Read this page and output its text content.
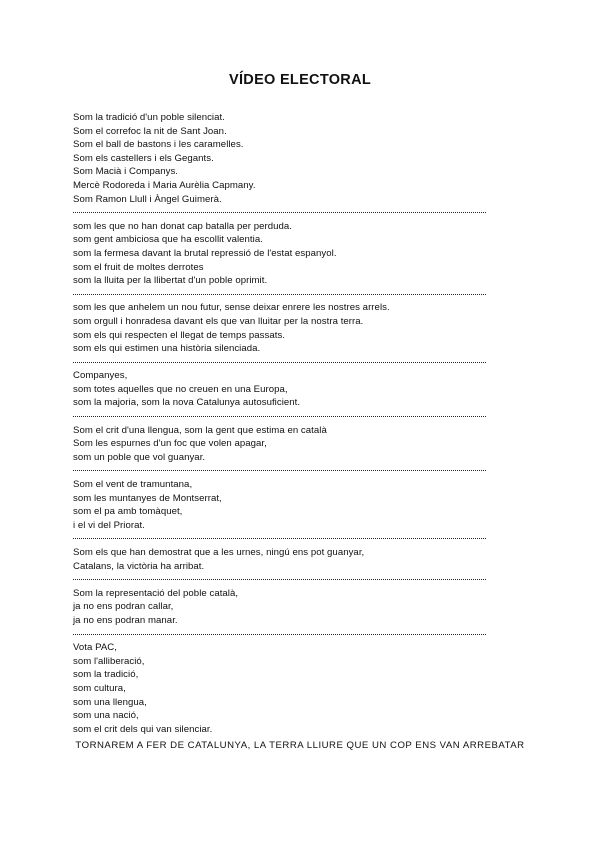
VÍDEO ELECTORAL
Som la tradició d'un poble silenciat.
Som el correfoc la nit de Sant Joan.
Som el ball de bastons i les caramelles.
Som els castellers i els Gegants.
Som Macià i Companys.
Mercè Rodoreda i Maria Aurèlia Capmany.
Som Ramon Llull i Àngel Guimerà.
som les que no han donat cap batalla per perduda.
som gent ambiciosa que ha escollit valentia.
som la fermesa davant la brutal repressió de l'estat espanyol.
som el fruit de moltes derrotes
som la lluita per la llibertat d'un poble oprimit.
som les que anhelem un nou futur, sense deixar enrere les nostres arrels.
som orgull i honradesa davant els que van lluitar per la nostra terra.
som els qui respecten el llegat de temps passats.
som els qui estimen una història silenciada.
Companyes,
som totes aquelles que no creuen en una Europa,
som la majoria, som la nova Catalunya autosuficient.
Som el crit d'una llengua, som la gent que estima en català
Som les espurnes d'un foc que volen apagar,
som un poble que vol guanyar.
Som el vent de tramuntana,
som les muntanyes de Montserrat,
som el pa amb tomàquet,
i el vi del Priorat.
Som els que han demostrat que a les urnes, ningú ens pot guanyar,
Catalans, la victòria ha arribat.
Som la representació del poble català,
ja no ens podran callar,
ja no ens podran manar.
Vota PAC,
som l'alliberació,
som la tradició,
som cultura,
som una llengua,
som una nació,
som el crit dels qui van silenciar.

TORNAREM A FER DE CATALUNYA, LA TERRA LLIURE QUE UN COP ENS VAN ARREBATAR
